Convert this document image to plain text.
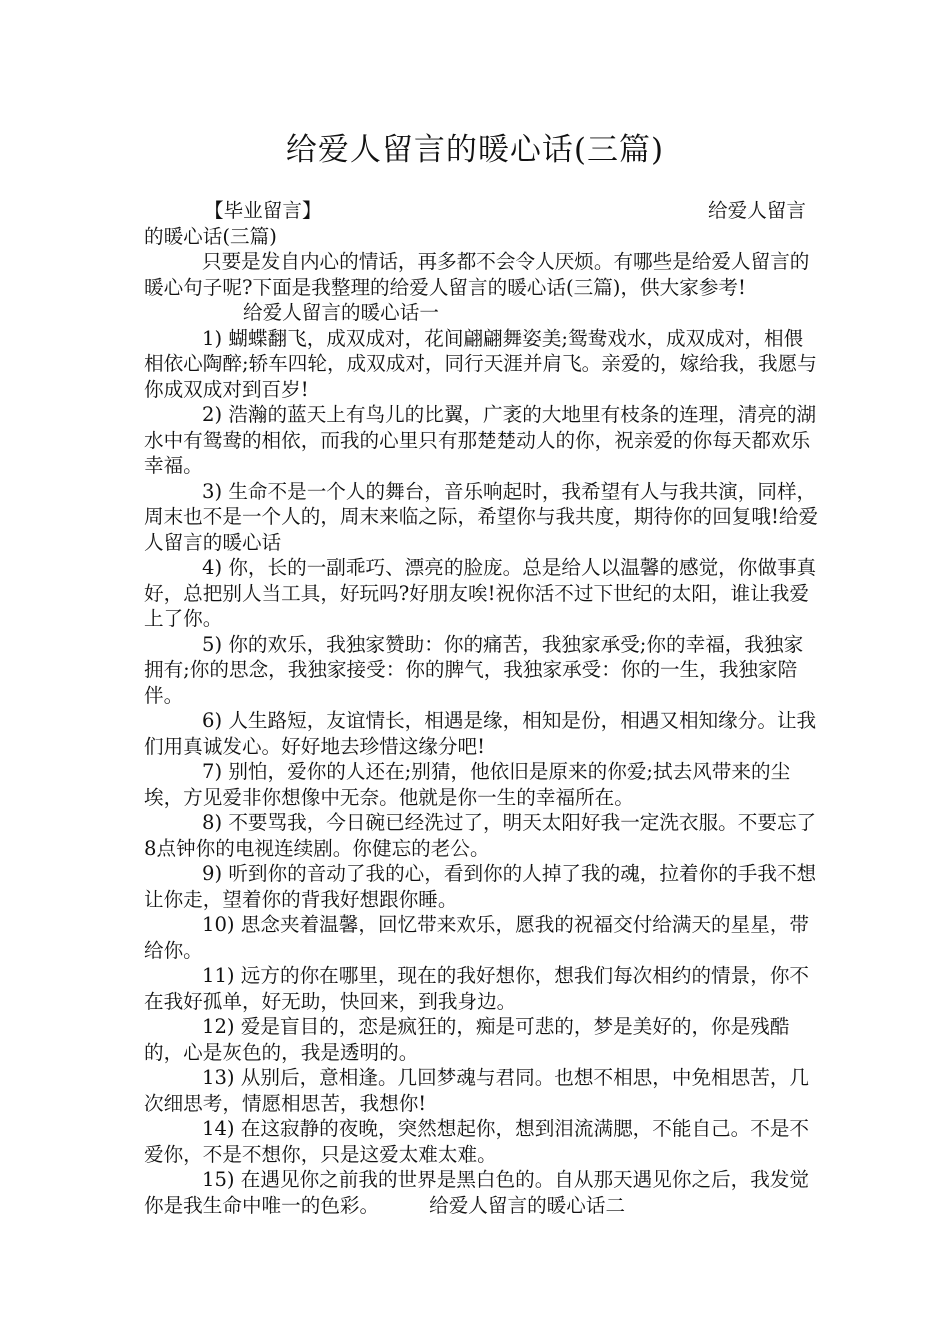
给爱人留言的暖心话(三篇)
【毕业留言】	给爱人留言

的暖心话(三篇)

只要是发自内心的情话，再多都不会令人厌烦。有哪些是给爱人留言的暖心句子呢?下面是我整理的给爱人留言的暖心话(三篇)，供大家参考!

给爱人留言的暖心话一

1) 蝴蝶翻飞，成双成对，花间翩翩舞姿美;鸳鸯戏水，成双成对，相偎相依心陶醉;轿车四轮，成双成对，同行天涯并肩飞。亲爱的，嫁给我，我愿与你成双成对到百岁!

2) 浩瀚的蓝天上有鸟儿的比翼，广袤的大地里有枝条的连理，清亮的湖水中有鸳鸯的相依，而我的心里只有那楚楚动人的你，祝亲爱的你每天都欢乐幸福。

3) 生命不是一个人的舞台，音乐响起时，我希望有人与我共演，同样，周末也不是一个人的，周末来临之际，希望你与我共度，期待你的回复哦!给爱人留言的暖心话

4) 你，长的一副乖巧、漂亮的脸庞。总是给人以温馨的感觉，你做事真好，总把别人当工具，好玩吗?好朋友唉!祝你活不过下世纪的太阳，谁让我爱上了你。

5) 你的欢乐，我独家赞助：你的痛苦，我独家承受;你的幸福，我独家拥有;你的思念，我独家接受：你的脾气，我独家承受：你的一生，我独家陪伴。

6) 人生路短，友谊情长，相遇是缘，相知是份，相遇又相知缘分。让我们用真诚发心。好好地去珍惜这缘分吧!

7) 别怕，爱你的人还在;别猜，他依旧是原来的你爱;拭去风带来的尘埃，方见爱非你想像中无奈。他就是你一生的幸福所在。

8) 不要骂我，今日碗已经洗过了，明天太阳好我一定洗衣服。不要忘了8点钟你的电视连续剧。你健忘的老公。

9) 听到你的音动了我的心，看到你的人掉了我的魂，拉着你的手我不想让你走，望着你的背我好想跟你睡。

10) 思念夹着温馨，回忆带来欢乐，愿我的祝福交付给满天的星星，带给你。

11) 远方的你在哪里，现在的我好想你，想我们每次相约的情景，你不在我好孤单，好无助，快回来，到我身边。

12) 爱是盲目的，恋是疯狂的，痴是可悲的，梦是美好的，你是残酷的，心是灰色的，我是透明的。

13) 从别后，意相逢。几回梦魂与君同。也想不相思，中免相思苦，几次细思考，情愿相思苦，我想你!

14) 在这寂静的夜晚，突然想起你，想到泪流满腮，不能自己。不是不爱你，不是不想你，只是这爱太难太难。

15) 在遇见你之前我的世界是黑白色的。自从那天遇见你之后，我发觉你是我生命中唯一的色彩。	给爱人留言的暖心话二
